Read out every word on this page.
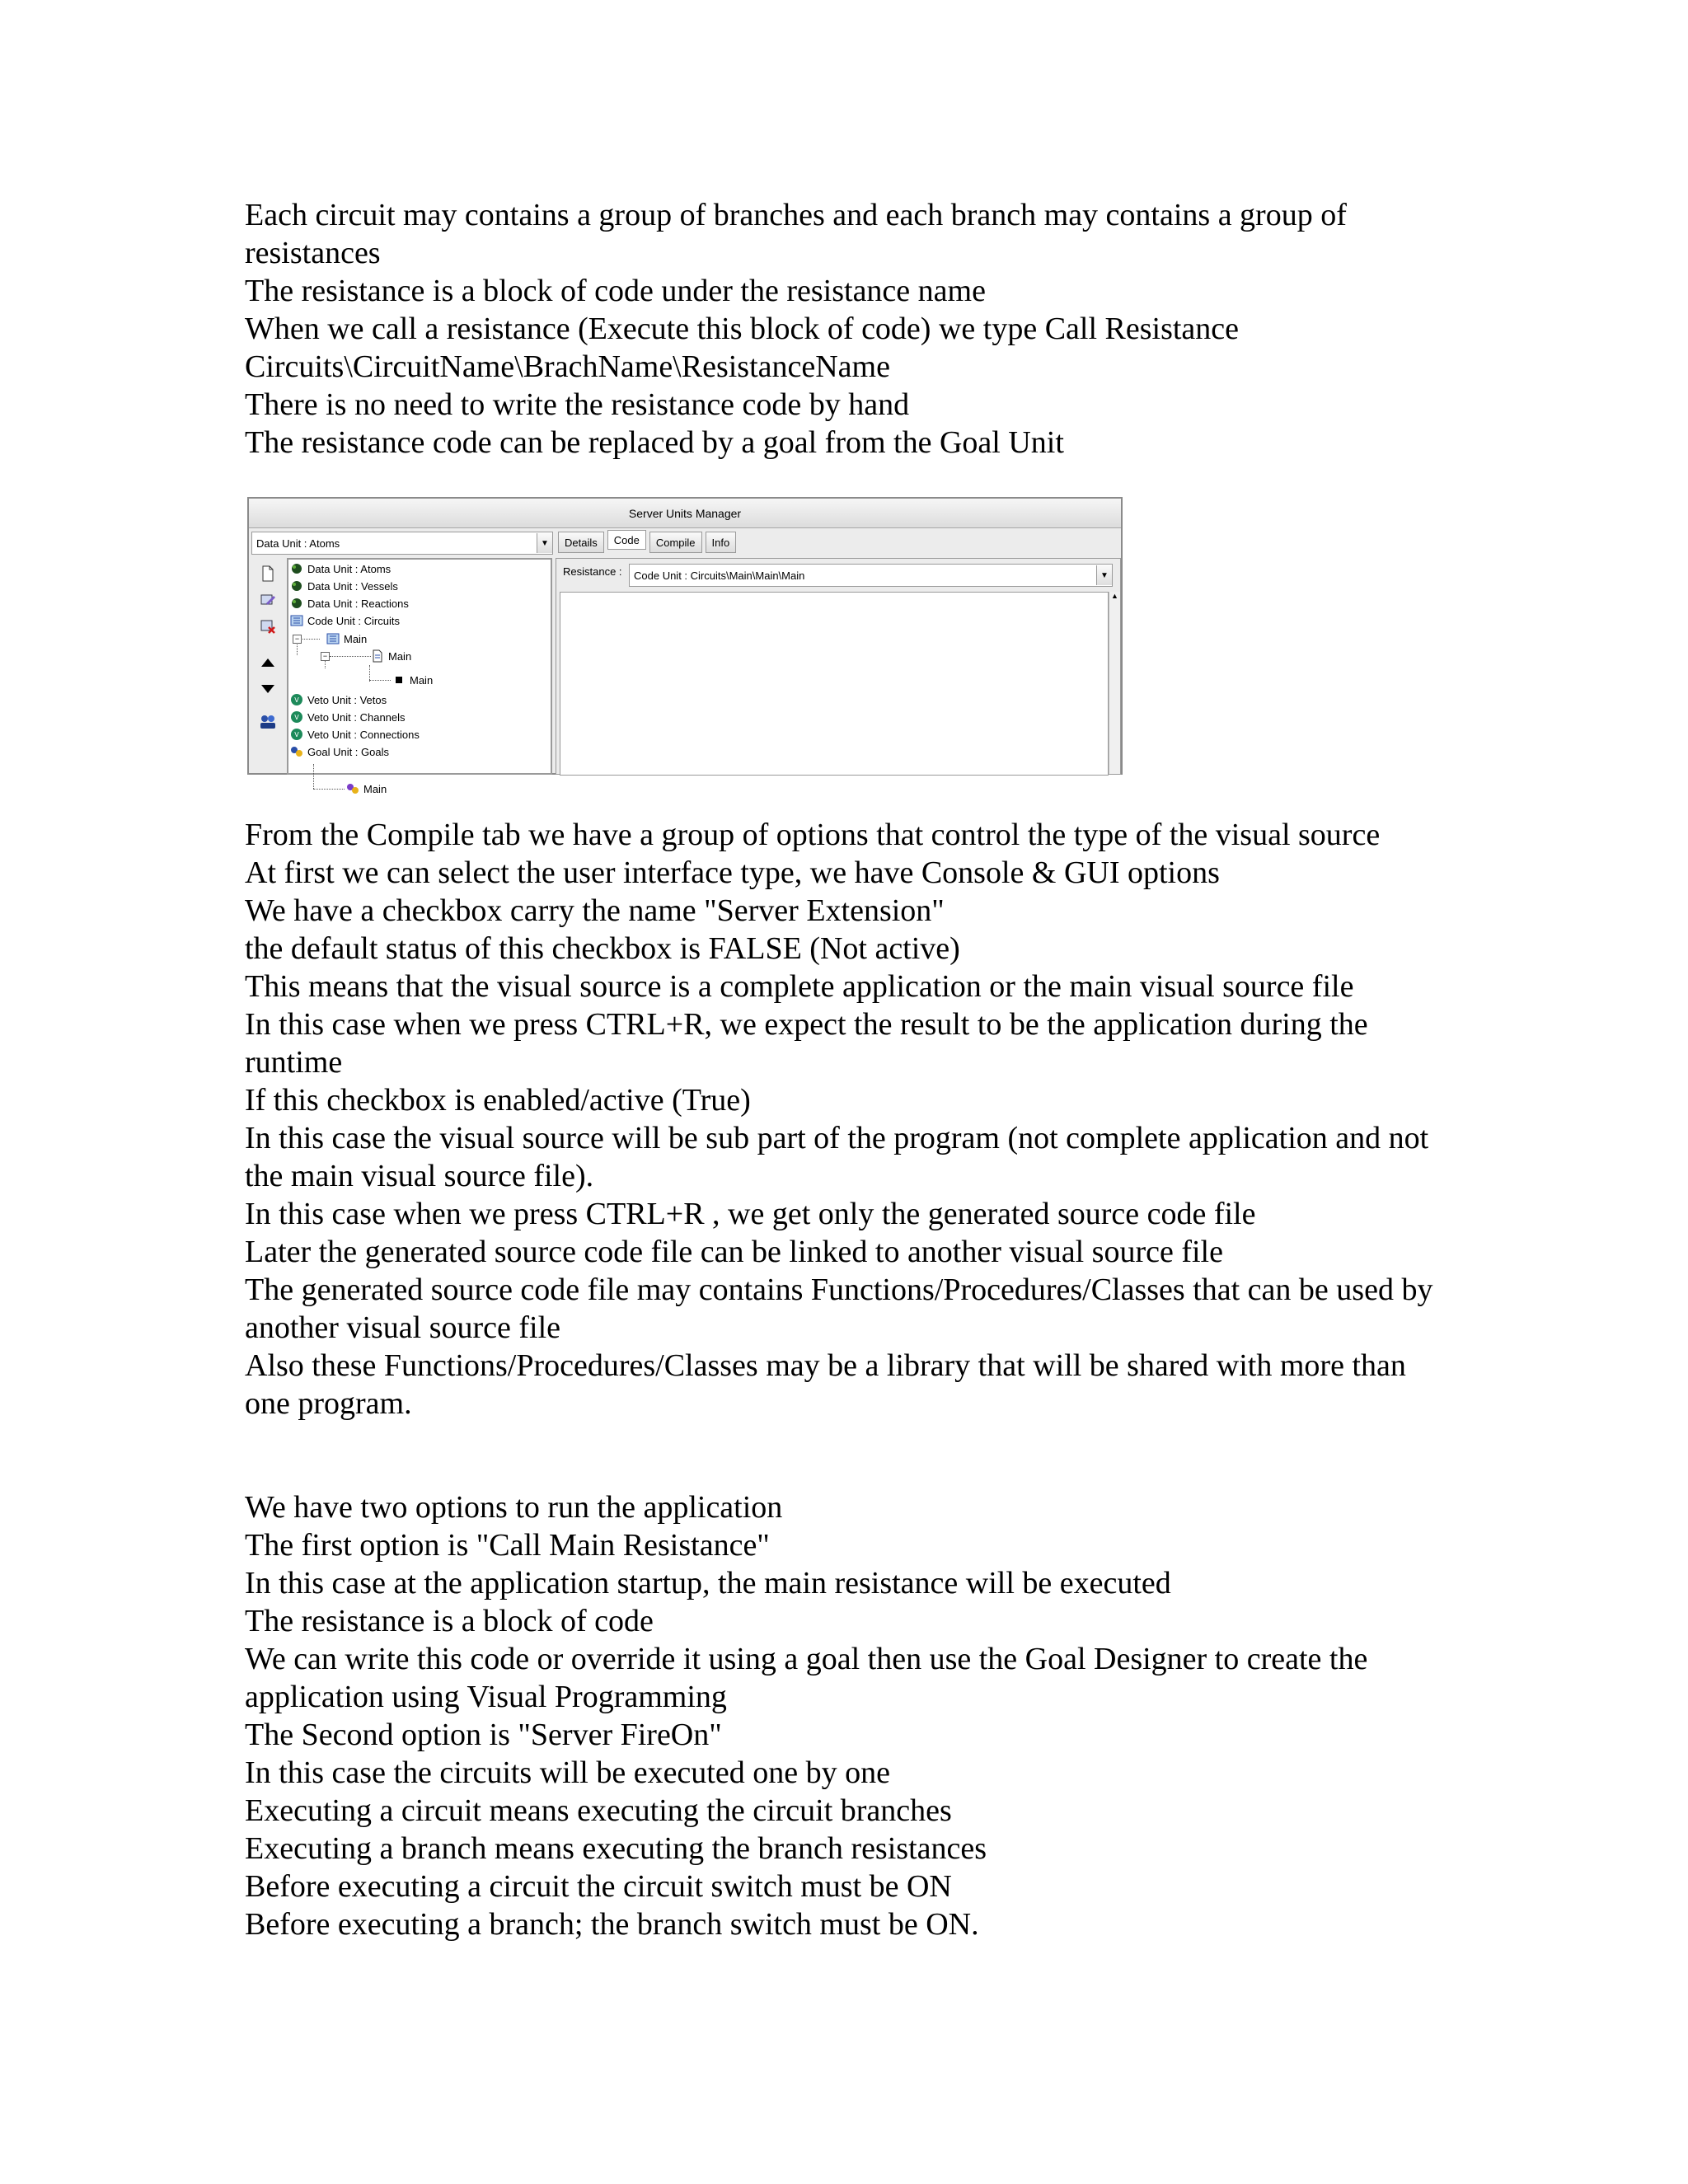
Each circuit may contains a group of branches and each branch may contains a group of resistances
The resistance is a block of code under the resistance name
When we call a resistance (Execute this block of code) we type Call Resistance Circuits\CircuitName\BrachName\ResistanceName
There is no need to write the resistance code by hand
The resistance code can be replaced by a goal from the Goal Unit
Server Units Manager
Data Unit : Atoms	▼	Details	Code	Compile	Info
−
−
Data Unit : Atoms
Data Unit : Vessels
Data Unit : Reactions
Code Unit : Circuits
Main
Main
Main
V Veto Unit : Vetos
V Veto Unit : Channels
V Veto Unit : Connections
Goal Unit : Goals
Main
Resistance :	Code Unit : Circuits\Main\Main\Main	▼
▲
From the Compile tab we have a group of options that control the type of the visual source
At first we can select the user interface type, we have Console & GUI options
We have a checkbox carry the name "Server Extension"
the default status of this checkbox is FALSE (Not active)
This means that the visual source is a complete application or the main visual source file
In this case when we press CTRL+R, we expect the result to be the application during the runtime
If this checkbox is enabled/active (True)
In this case the visual source will be sub part of the program (not complete application and not the main visual source file).
In this case when we press CTRL+R , we get only the generated source code file
Later the generated source code file can be linked to another visual source file
The generated source code file may contains Functions/Procedures/Classes that can be used by another visual source file
Also these Functions/Procedures/Classes may be a library that will be shared with more than one program.
We have two options to run the application
The first option is "Call Main Resistance"
In this case at the application startup, the main resistance will be executed
The resistance is a block of code
We can write this code or override it using a goal then use the Goal Designer to create the application using Visual Programming
The Second option is "Server FireOn"
In this case the circuits will be executed one by one
Executing a circuit means executing the circuit branches
Executing a branch means executing the branch resistances
Before executing a circuit the circuit switch must be ON
Before executing a branch; the branch switch must be ON.
